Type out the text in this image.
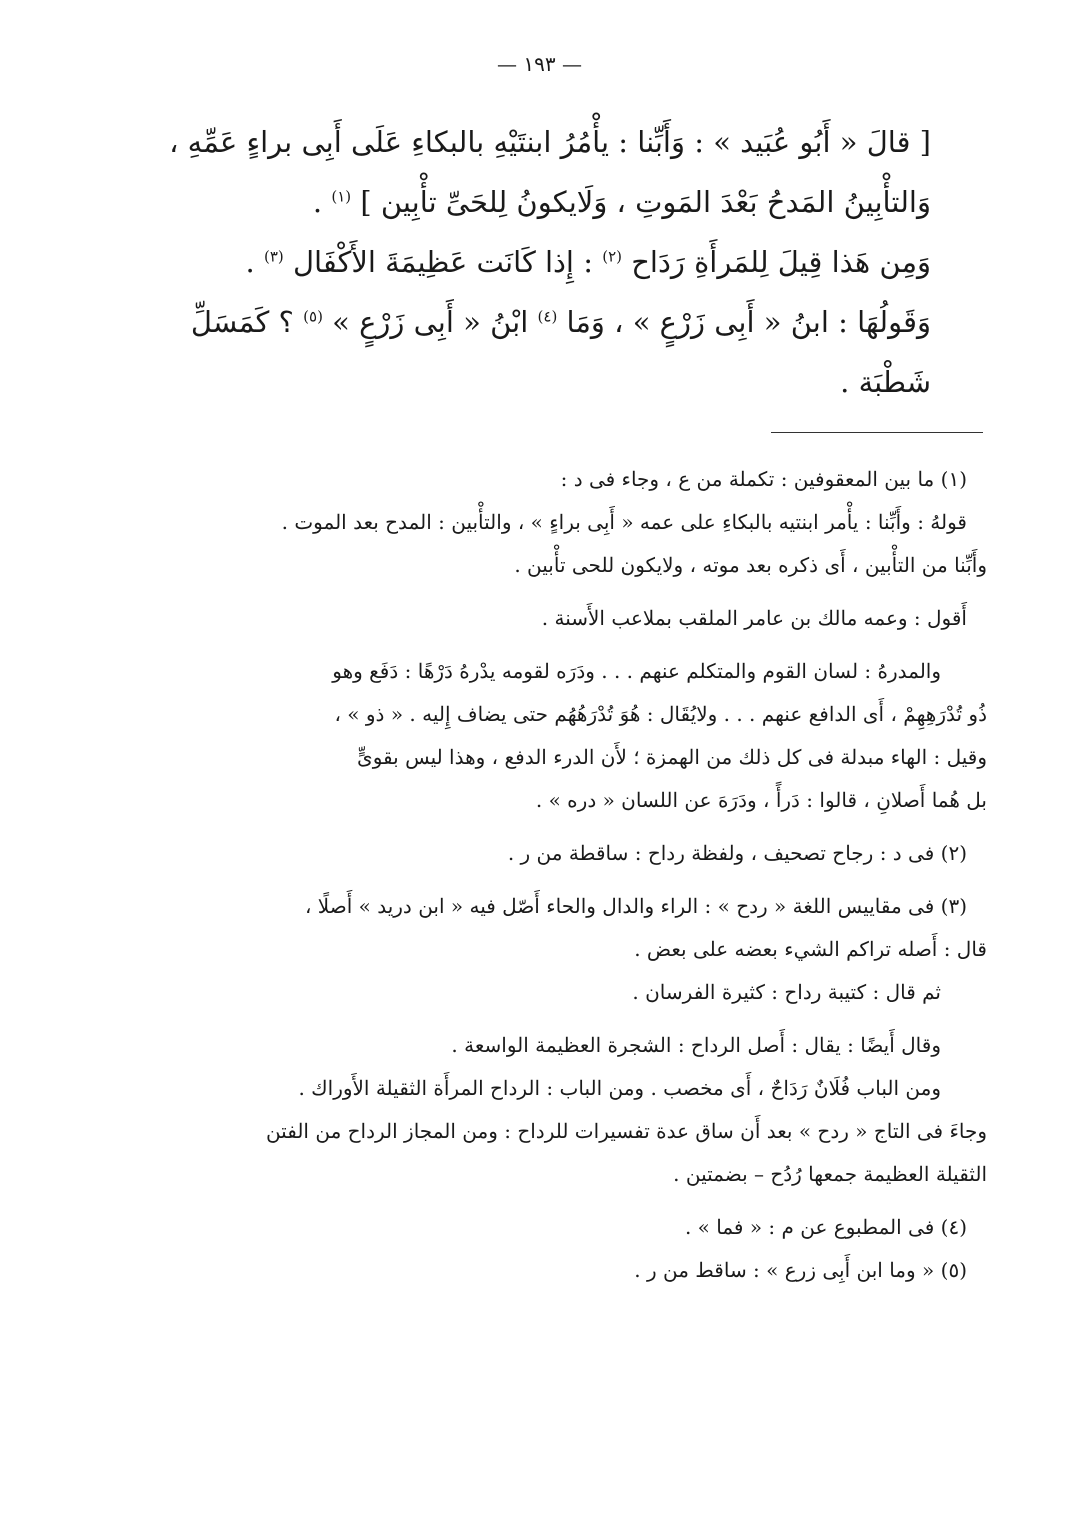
— ١٩٣ —

[ قالَ « أَبُو عُبَيد » : وَأَبِّنا : يأْمُرُ ابنتَيْهِ بالبكاءِ عَلَى أَبِى براءٍ عَمِّهِ ،

وَالتأْبِينُ المَدحُ بَعْدَ المَوتِ ، وَلَايكونُ لِلحَىِّ تأْبِين ] $^{(١)}$ .

وَمِن هَذا قِيلَ لِلمَرأَةِ رَدَاح $^{(٢)}$ : إِذا كَانَت عَظِيمَةَ الأَكْفَال $^{(٣)}$ .

وَقَولُهَا : ابنُ « أَبِى زَرْعٍ » ، وَمَا $^{(٤)}$ ابْنُ « أَبِى زَرْعٍ » $^{(٥)}$ ؟ كَمَسَلِّ

شَطْبَة .

(١) ما بين المعقوفين : تكملة من ع ، وجاء فى د :

قولهُ : وأَبِّنا : يأْمر ابنتيه بالبكاءِ على عمه « أَبِى براءٍ » ، والتأْبين : المدح بعد الموت .

وأَبِّنا من التأْبين ، أَى ذكره بعد موته ، ولايكون للحى تأْبين .

أَقول : وعمه مالك بن عامر الملقب بملاعب الأَسنة .

والمدرهُ : لسان القوم والمتكلم عنهم . . . ودَرَه لقومه يدْرهُ دَرْهًا : دَفَع وهو

ذُو تُدْرَهِهِمْ ، أَى الدافع عنهم . . . ولايُقَال : هُوَ تُدْرَهُهُم حتى يضاف إِليه . « ذو » ،

وقيل : الهاء مبدلة فى كل ذلك من الهمزة ؛ لأَن الدرء الدفع ، وهذا ليس بقوىٍّ

بل هُما أَصلانِ ، قالوا : دَرأً ، ودَرَهَ عن اللسان « دره » .

(٢) فى د : رجاح تصحيف ، ولفظة رداح : ساقطة من ر .

(٣) فى مقاييس اللغة « ردح » : الراء والدال والحاء أَصّل فيه « ابن دريد » أَصلًا ،

قال : أَصله تراكم الشيء بعضه على بعض .

ثم قال : كتيبة رداح : كثيرة الفرسان .

وقال أَيضًا : يقال : أَصل الرداح : الشجرة العظيمة الواسعة .

ومن الباب فُلَانٌ رَدَاحٌ ، أَى مخصب . ومن الباب : الرداح المرأَة الثقيلة الأَوراك .

وجاءَ فى التاج « ردح » بعد أَن ساق عدة تفسيرات للرداح : ومن المجاز الرداح من الفتن

الثقيلة العظيمة جمعها رُدُح – بضمتين .

(٤) فى المطبوع عن م : « فما » .

(٥) « وما ابن أَبِى زرع » : ساقط من ر .
